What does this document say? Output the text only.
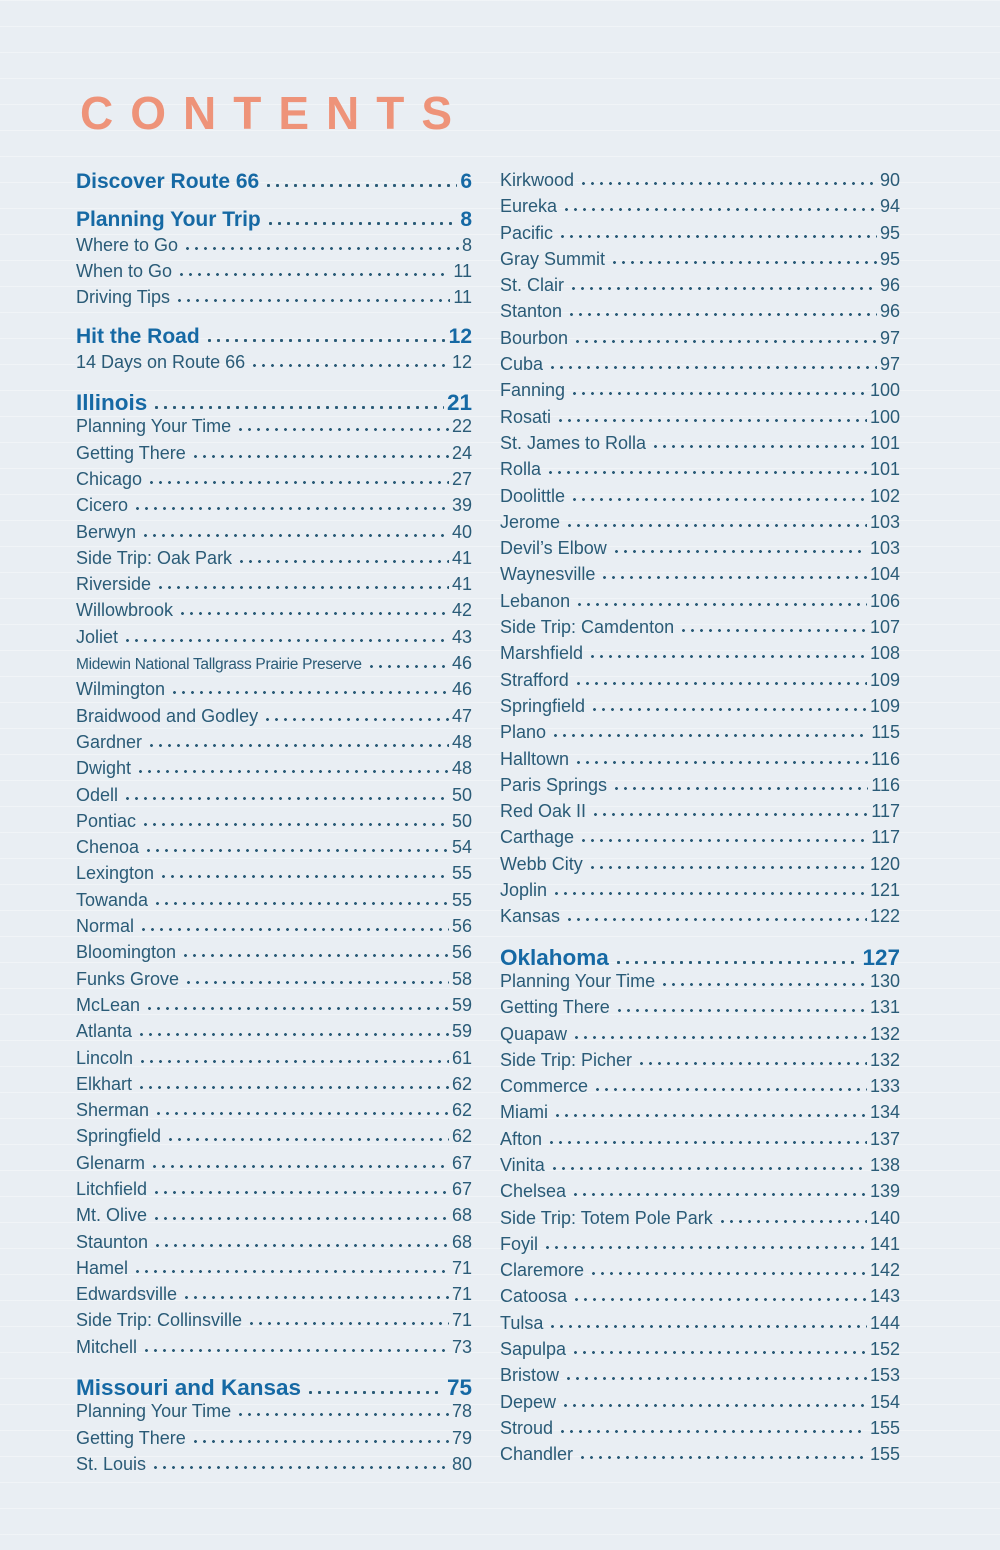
CONTENTS
Discover Route 66	6
Planning Your Trip	8
Where to Go	8
When to Go	11
Driving Tips	11
Hit the Road	12
14 Days on Route 66	12
Illinois	21
Planning Your Time	22
Getting There	24
Chicago	27
Cicero	39
Berwyn	40
Side Trip: Oak Park	41
Riverside	41
Willowbrook	42
Joliet	43
Midewin National Tallgrass Prairie Preserve	46
Wilmington	46
Braidwood and Godley	47
Gardner	48
Dwight	48
Odell	50
Pontiac	50
Chenoa	54
Lexington	55
Towanda	55
Normal	56
Bloomington	56
Funks Grove	58
McLean	59
Atlanta	59
Lincoln	61
Elkhart	62
Sherman	62
Springfield	62
Glenarm	67
Litchfield	67
Mt. Olive	68
Staunton	68
Hamel	71
Edwardsville	71
Side Trip: Collinsville	71
Mitchell	73
Missouri and Kansas	75
Planning Your Time	78
Getting There	79
St. Louis	80
Kirkwood	90
Eureka	94
Pacific	95
Gray Summit	95
St. Clair	96
Stanton	96
Bourbon	97
Cuba	97
Fanning	100
Rosati	100
St. James to Rolla	101
Rolla	101
Doolittle	102
Jerome	103
Devil’s Elbow	103
Waynesville	104
Lebanon	106
Side Trip: Camdenton	107
Marshfield	108
Strafford	109
Springfield	109
Plano	115
Halltown	116
Paris Springs	116
Red Oak II	117
Carthage	117
Webb City	120
Joplin	121
Kansas	122
Oklahoma	127
Planning Your Time	130
Getting There	131
Quapaw	132
Side Trip: Picher	132
Commerce	133
Miami	134
Afton	137
Vinita	138
Chelsea	139
Side Trip: Totem Pole Park	140
Foyil	141
Claremore	142
Catoosa	143
Tulsa	144
Sapulpa	152
Bristow	153
Depew	154
Stroud	155
Chandler	155
